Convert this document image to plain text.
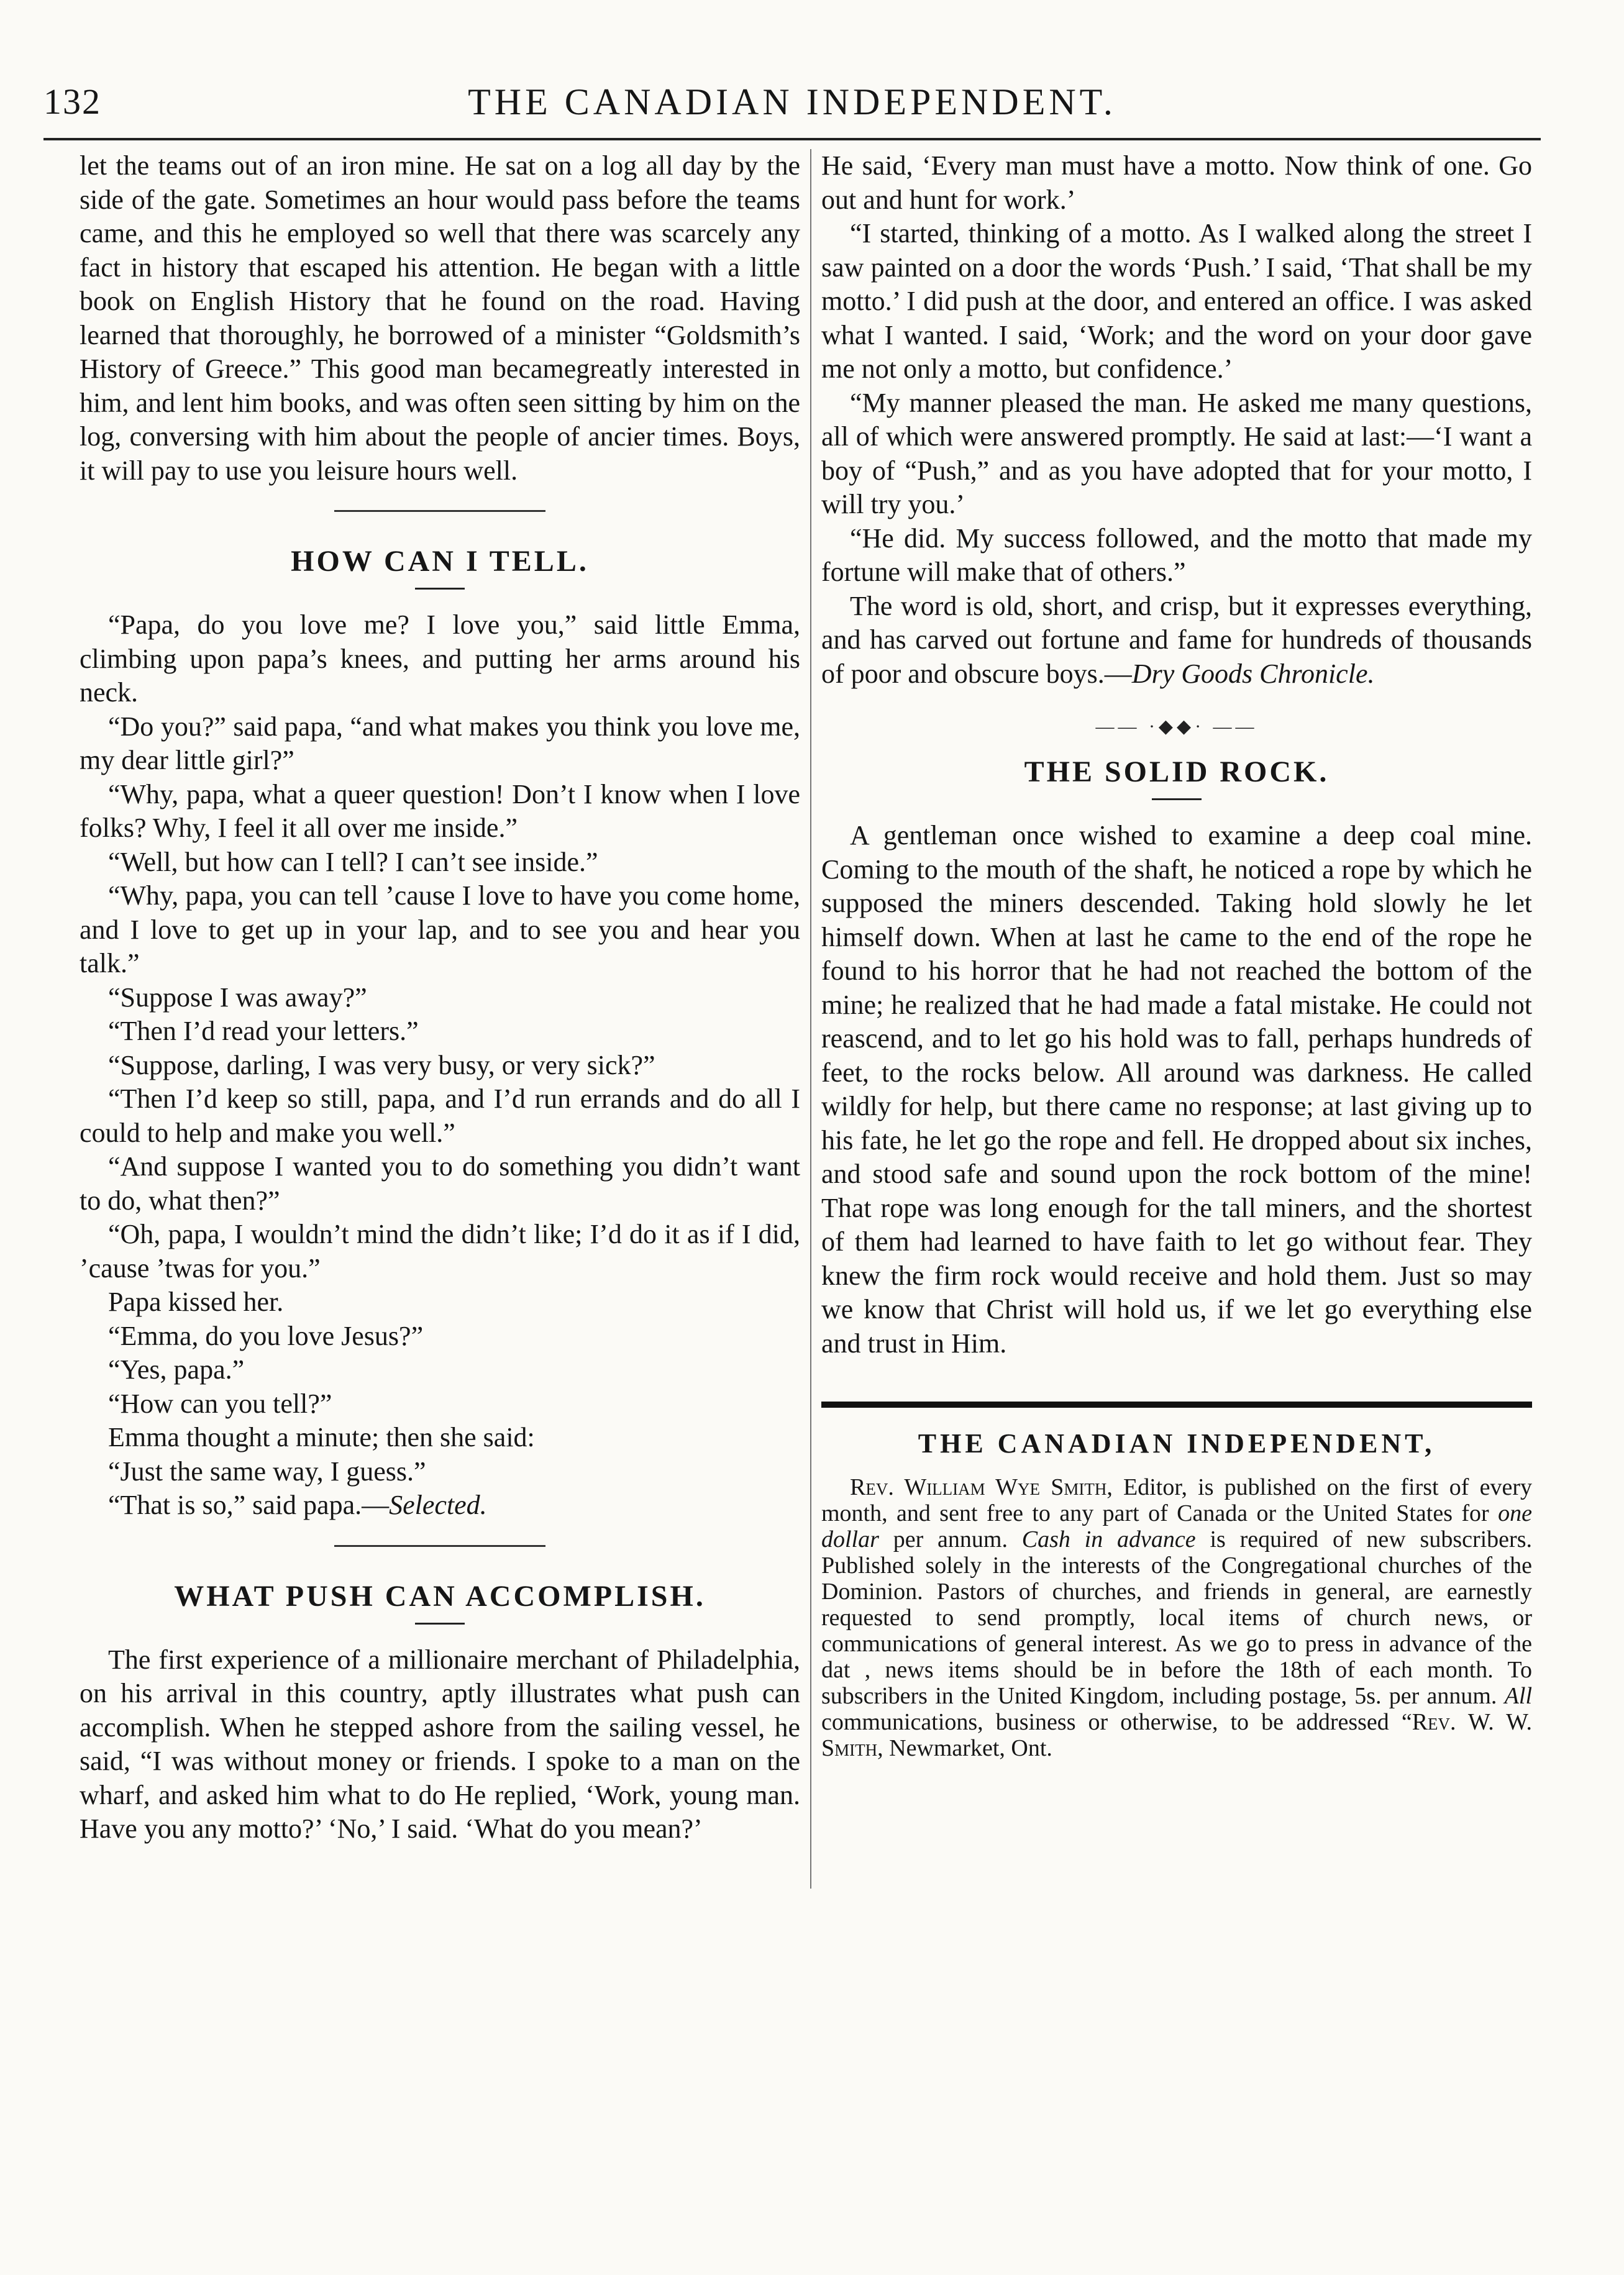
132	THE CANADIAN INDEPENDENT.

let the teams out of an iron mine. He sat on a log all day by the side of the gate. Sometimes an hour would pass before the teams came, and this he employed so well that there was scarcely any fact in history that escaped his attention. He began with a little book on English History that he found on the road. Having learned that thoroughly, he borrowed of a minister “Goldsmith’s History of Greece.” This good man becamegreatly interested in him, and lent him books, and was often seen sitting by him on the log, conversing with him about the people of ancier times. Boys, it will pay to use you leisure hours well.

HOW CAN I TELL.

“Papa, do you love me? I love you,” said little Emma, climbing upon papa’s knees, and putting her arms around his neck.

“Do you?” said papa, “and what makes you think you love me, my dear little girl?”

“Why, papa, what a queer question! Don’t I know when I love folks? Why, I feel it all over me inside.”

“Well, but how can I tell? I can’t see inside.”

“Why, papa, you can tell ’cause I love to have you come home, and I love to get up in your lap, and to see you and hear you talk.”

“Suppose I was away?”

“Then I’d read your letters.”

“Suppose, darling, I was very busy, or very sick?”

“Then I’d keep so still, papa, and I’d run errands and do all I could to help and make you well.”

“And suppose I wanted you to do something you didn’t want to do, what then?”

“Oh, papa, I wouldn’t mind the didn’t like; I’d do it as if I did, ’cause ’twas for you.”

Papa kissed her.

“Emma, do you love Jesus?”

“Yes, papa.”

“How can you tell?”

Emma thought a minute; then she said:

“Just the same way, I guess.”

“That is so,” said papa.—Selected.

WHAT PUSH CAN ACCOMPLISH.

The first experience of a millionaire merchant of Philadelphia, on his arrival in this country, aptly illustrates what push can accomplish. When he stepped ashore from the sailing vessel, he said, “I was without money or friends. I spoke to a man on the wharf, and asked him what to do He replied, ‘Work, young man. Have you any motto?’ ‘No,’ I said. ‘What do you mean?’

He said, ‘Every man must have a motto. Now think of one. Go out and hunt for work.’

“I started, thinking of a motto. As I walked along the street I saw painted on a door the words ‘Push.’ I said, ‘That shall be my motto.’ I did push at the door, and entered an office. I was asked what I wanted. I said, ‘Work; and the word on your door gave me not only a motto, but confidence.’

“My manner pleased the man. He asked me many questions, all of which were answered promptly. He said at last:—‘I want a boy of “Push,” and as you have adopted that for your motto, I will try you.’

“He did. My success followed, and the motto that made my fortune will make that of others.”

The word is old, short, and crisp, but it expresses everything, and has carved out fortune and fame for hundreds of thousands of poor and obscure boys.—Dry Goods Chronicle.

—— ·◆◆· ——
THE SOLID ROCK.

A gentleman once wished to examine a deep coal mine. Coming to the mouth of the shaft, he noticed a rope by which he supposed the miners descended. Taking hold slowly he let himself down. When at last he came to the end of the rope he found to his horror that he had not reached the bottom of the mine; he realized that he had made a fatal mistake. He could not reascend, and to let go his hold was to fall, perhaps hundreds of feet, to the rocks below. All around was darkness. He called wildly for help, but there came no response; at last giving up to his fate, he let go the rope and fell. He dropped about six inches, and stood safe and sound upon the rock bottom of the mine! That rope was long enough for the tall miners, and the shortest of them had learned to have faith to let go without fear. They knew the firm rock would receive and hold them. Just so may we know that Christ will hold us, if we let go everything else and trust in Him.

THE CANADIAN INDEPENDENT,

Rev. William Wye Smith, Editor, is published on the first of every month, and sent free to any part of Canada or the United States for one dollar per annum. Cash in advance is required of new subscribers. Published solely in the interests of the Congregational churches of the Dominion. Pastors of churches, and friends in general, are earnestly requested to send promptly, local items of church news, or communications of general interest. As we go to press in advance of the dat , news items should be in before the 18th of each month. To subscribers in the United Kingdom, including postage, 5s. per annum. All communications, business or otherwise, to be addressed “Rev. W. W. Smith, Newmarket, Ont.
